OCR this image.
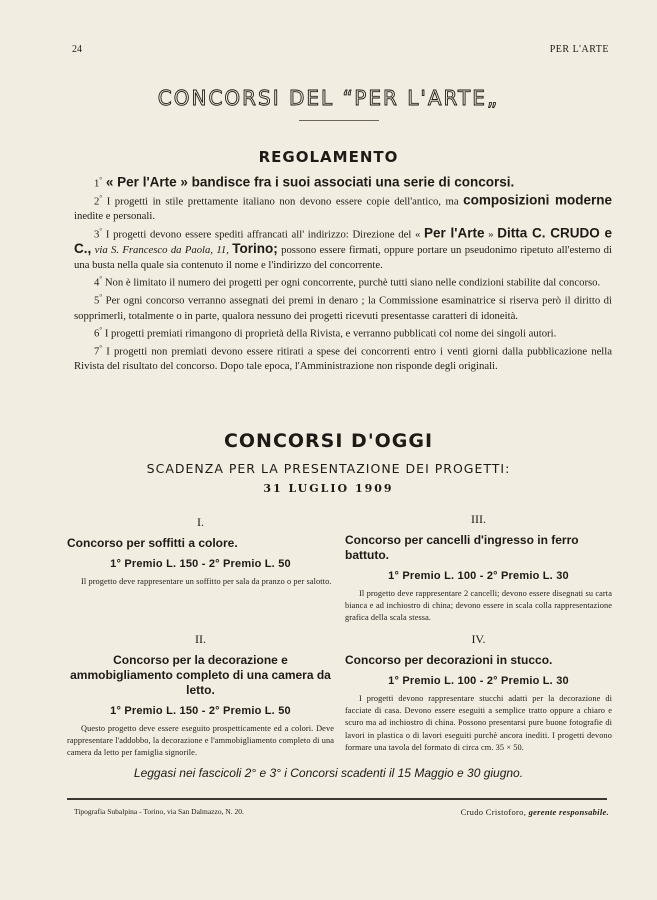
24	PER L'ARTE
CONCORSI DEL “PER L'ARTE„
REGOLAMENTO

1° « Per l'Arte » bandisce fra i suoi associati una serie di concorsi.

2° I progetti in stile prettamente italiano non devono essere copie dell'antico, ma composizioni moderne inedite e personali.

3° I progetti devono essere spediti affrancati all' indirizzo: Direzione del « Per l'Arte » Ditta C. CRUDO e C., via S. Francesco da Paola, 11, Torino; possono essere firmati, oppure portare un pseudonimo ripetuto all'esterno di una busta nella quale sia contenuto il nome e l'indirizzo del concorrente.

4° Non è limitato il numero dei progetti per ogni concorrente, purchè tutti siano nelle condizioni stabilite dal concorso.

5° Per ogni concorso verranno assegnati dei premi in denaro ; la Commissione esaminatrice si riserva però il diritto di sopprimerli, totalmente o in parte, qualora nessuno dei progetti ricevuti presentasse caratteri di idoneità.

6° I progetti premiati rimangono di proprietà della Rivista, e verranno pubblicati col nome dei singoli autori.

7° I progetti non premiati devono essere ritirati a spese dei concorrenti entro i venti giorni dalla pubblicazione nella Rivista del risultato del concorso. Dopo tale epoca, l'Amministrazione non risponde degli originali.

CONCORSI D'OGGI
SCADENZA PER LA PRESENTAZIONE DEI PROGETTI:
31 LUGLIO 1909
I.
Concorso per soffitti a colore.
1° Premio L. 150 - 2° Premio L. 50

Il progetto deve rappresentare un soffitto per sala da pranzo o per salotto.

III.
Concorso per cancelli d'ingresso in ferro battuto.
1° Premio L. 100 - 2° Premio L. 30

Il progetto deve rappresentare 2 cancelli; devono essere disegnati su carta bianca e ad inchiostro di china; devono essere in scala colla rappresentazione grafica della scala stessa.

II.
Concorso per la decorazione e ammobigliamento completo di una camera da letto.
1° Premio L. 150 - 2° Premio L. 50

Questo progetto deve essere eseguito prospetticamente ed a colori. Deve rappresentare l'addobbo, la decorazione e l'ammobigliamento completo di una camera da letto per famiglia signorile.

IV.
Concorso per decorazioni in stucco.
1° Premio L. 100 - 2° Premio L. 30

I progetti devono rappresentare stucchi adatti per la decorazione di facciate di casa. Devono essere eseguiti a semplice tratto oppure a chiaro e scuro ma ad inchiostro di china. Possono presentarsi pure buone fotografie di lavori in plastica o di lavori eseguiti purchè ancora inediti. I progetti devono formare una tavola del formato di circa cm. 35 × 50.

Leggasi nei fascicoli 2° e 3° i Concorsi scadenti il 15 Maggio e 30 giugno.
Tipografia Subalpina - Torino, via San Dalmazzo, N. 20.	Crudo Cristoforo, gerente responsabile.
